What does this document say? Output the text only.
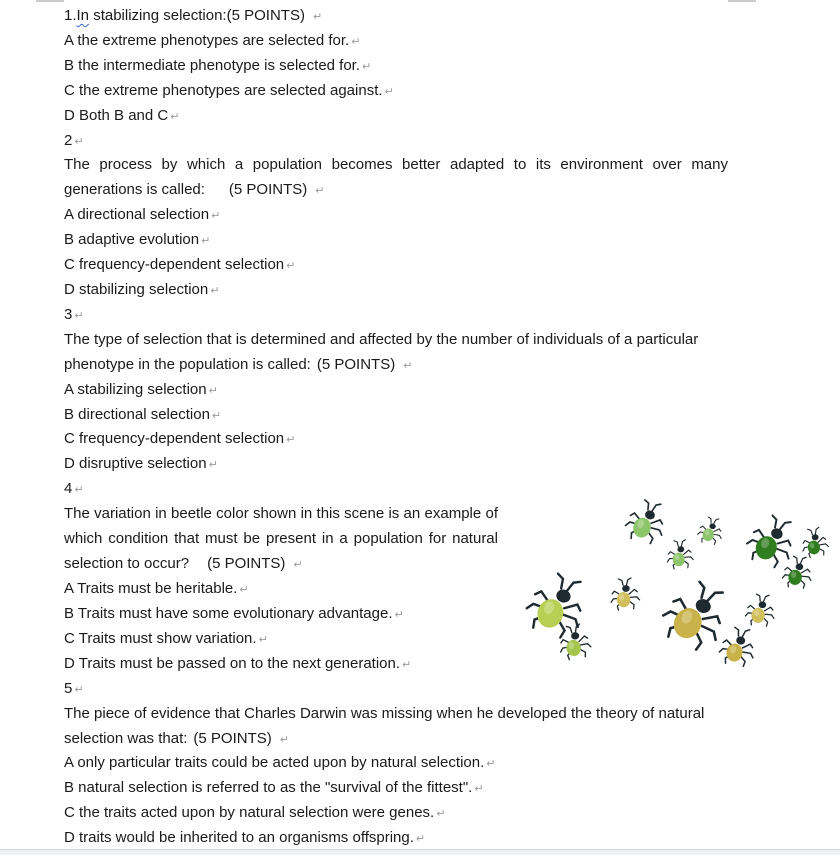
1.In stabilizing selection:(5 POINTS) ↵
A the extreme phenotypes are selected for. ↵
B the intermediate phenotype is selected for. ↵
C the extreme phenotypes are selected against. ↵
D Both B and C ↵
2 ↵
The process by which a population becomes better adapted to its environment over many generations is called: (5 POINTS) ↵
A directional selection ↵
B adaptive evolution ↵
C frequency-dependent selection ↵
D stabilizing selection ↵
3 ↵
The type of selection that is determined and affected by the number of individuals of a particular phenotype in the population is called: (5 POINTS) ↵
A stabilizing selection ↵
B directional selection ↵
C frequency-dependent selection ↵
D disruptive selection ↵
4 ↵
The variation in beetle color shown in this scene is an example of which condition that must be present in a population for natural selection to occur? (5 POINTS) ↵
A Traits must be heritable. ↵
B Traits must have some evolutionary advantage. ↵
C Traits must show variation. ↵
D Traits must be passed on to the next generation. ↵
5 ↵
The piece of evidence that Charles Darwin was missing when he developed the theory of natural selection was that: (5 POINTS) ↵
A only particular traits could be acted upon by natural selection. ↵
B natural selection is referred to as the "survival of the fittest". ↵
C the traits acted upon by natural selection were genes. ↵
D traits would be inherited to an organisms offspring. ↵
